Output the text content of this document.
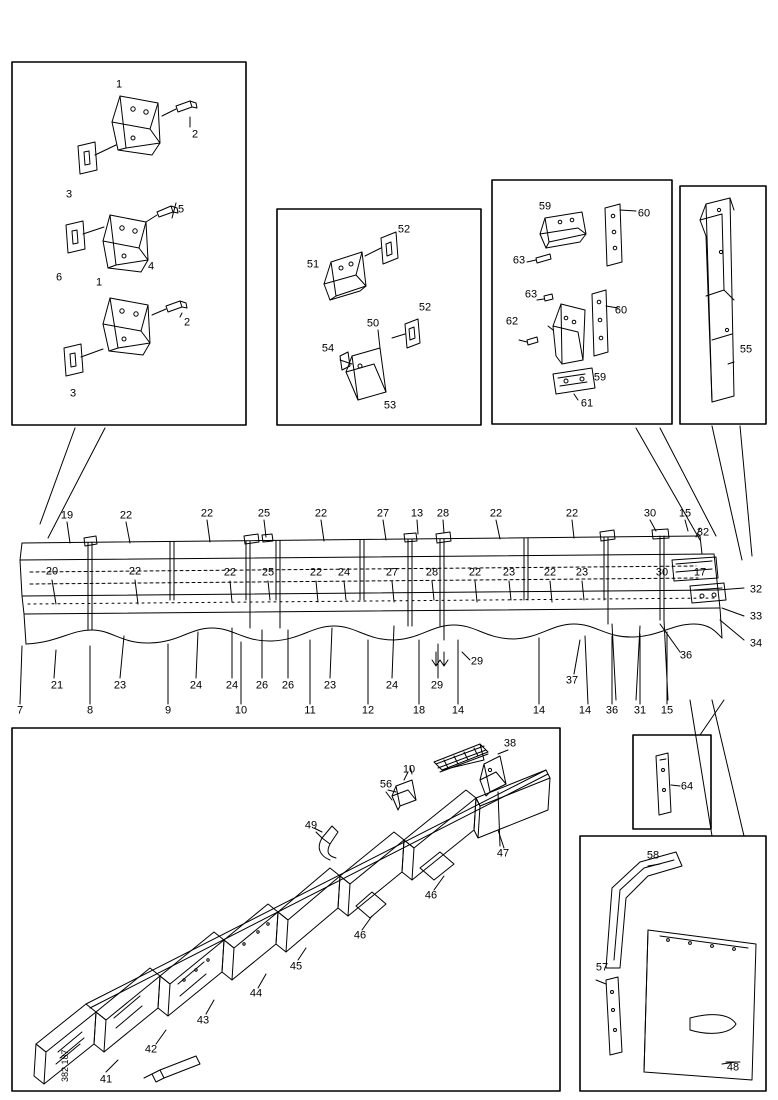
1
2
3
5
6
4
1
2
3
52
51
52
50
54
53
59
60
63
63
60
62
59
61
55
19	22	22	25	22	27 13 28	22	22	30 15
32
20	22	22 25	22 24	27	28	22 23	22 23	30 17
32
33
34
36
21	23	24 24 26 26	23	24	29
29
37
7	8	9	10	11	12	18 14	14	14 36 31 15
38
10
56
49
47
46
46
45
44
43
42
41
64
58
57
48
382 187
